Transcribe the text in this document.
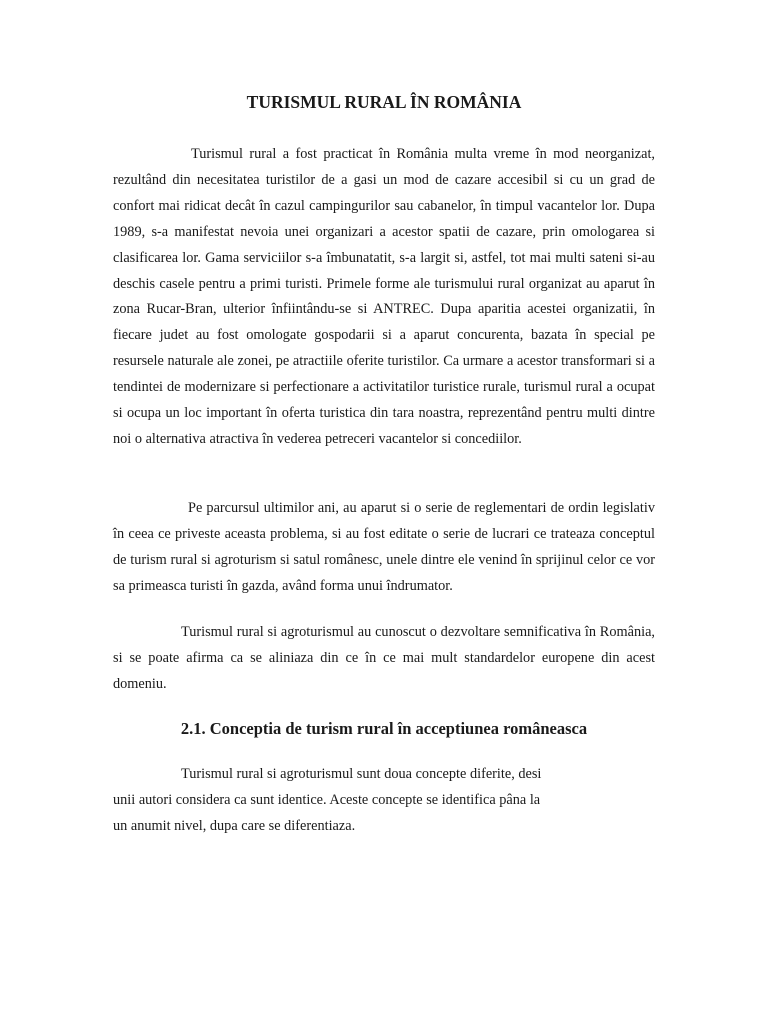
TURISMUL RURAL ÎN ROMÂNIA

Turismul rural a fost practicat în România multa vreme în mod neorganizat, rezultând din necesitatea turistilor de a gasi un mod de cazare accesibil si cu un grad de confort mai ridicat decât în cazul campingurilor sau cabanelor, în timpul vacantelor lor. Dupa 1989, s-a manifestat nevoia unei organizari a acestor spatii de cazare, prin omologarea si clasificarea lor. Gama serviciilor s-a îmbunatatit, s-a largit si, astfel, tot mai multi sateni si-au deschis casele pentru a primi turisti. Primele forme ale turismului rural organizat au aparut în zona Rucar-Bran, ulterior înfiintându-se si ANTREC. Dupa aparitia acestei organizatii, în fiecare judet au fost omologate gospodarii si a aparut concurenta, bazata în special pe resursele naturale ale zonei, pe atractiile oferite turistilor. Ca urmare a acestor transformari si a tendintei de modernizare si perfectionare a activitatilor turistice rurale, turismul rural a ocupat si ocupa un loc important în oferta turistica din tara noastra, reprezentând pentru multi dintre noi o alternativa atractiva în vederea petreceri vacantelor si concediilor.

Pe parcursul ultimilor ani, au aparut si o serie de reglementari de ordin legislativ în ceea ce priveste aceasta problema, si au fost editate o serie de lucrari ce trateaza conceptul de turism rural si agroturism si satul românesc, unele dintre ele venind în sprijinul celor ce vor sa primeasca turisti în gazda, având forma unui îndrumator.

Turismul rural si agroturismul au cunoscut o dezvoltare semnificativa în România, si se poate afirma ca se aliniaza din ce în ce mai mult standardelor europene din acest domeniu.

2.1. Conceptia de turism rural în acceptiunea româneasca

Turismul rural si agroturismul sunt doua concepte diferite, desi unii autori considera ca sunt identice. Aceste concepte se identifica pâna la un anumit nivel, dupa care se diferentiaza.
